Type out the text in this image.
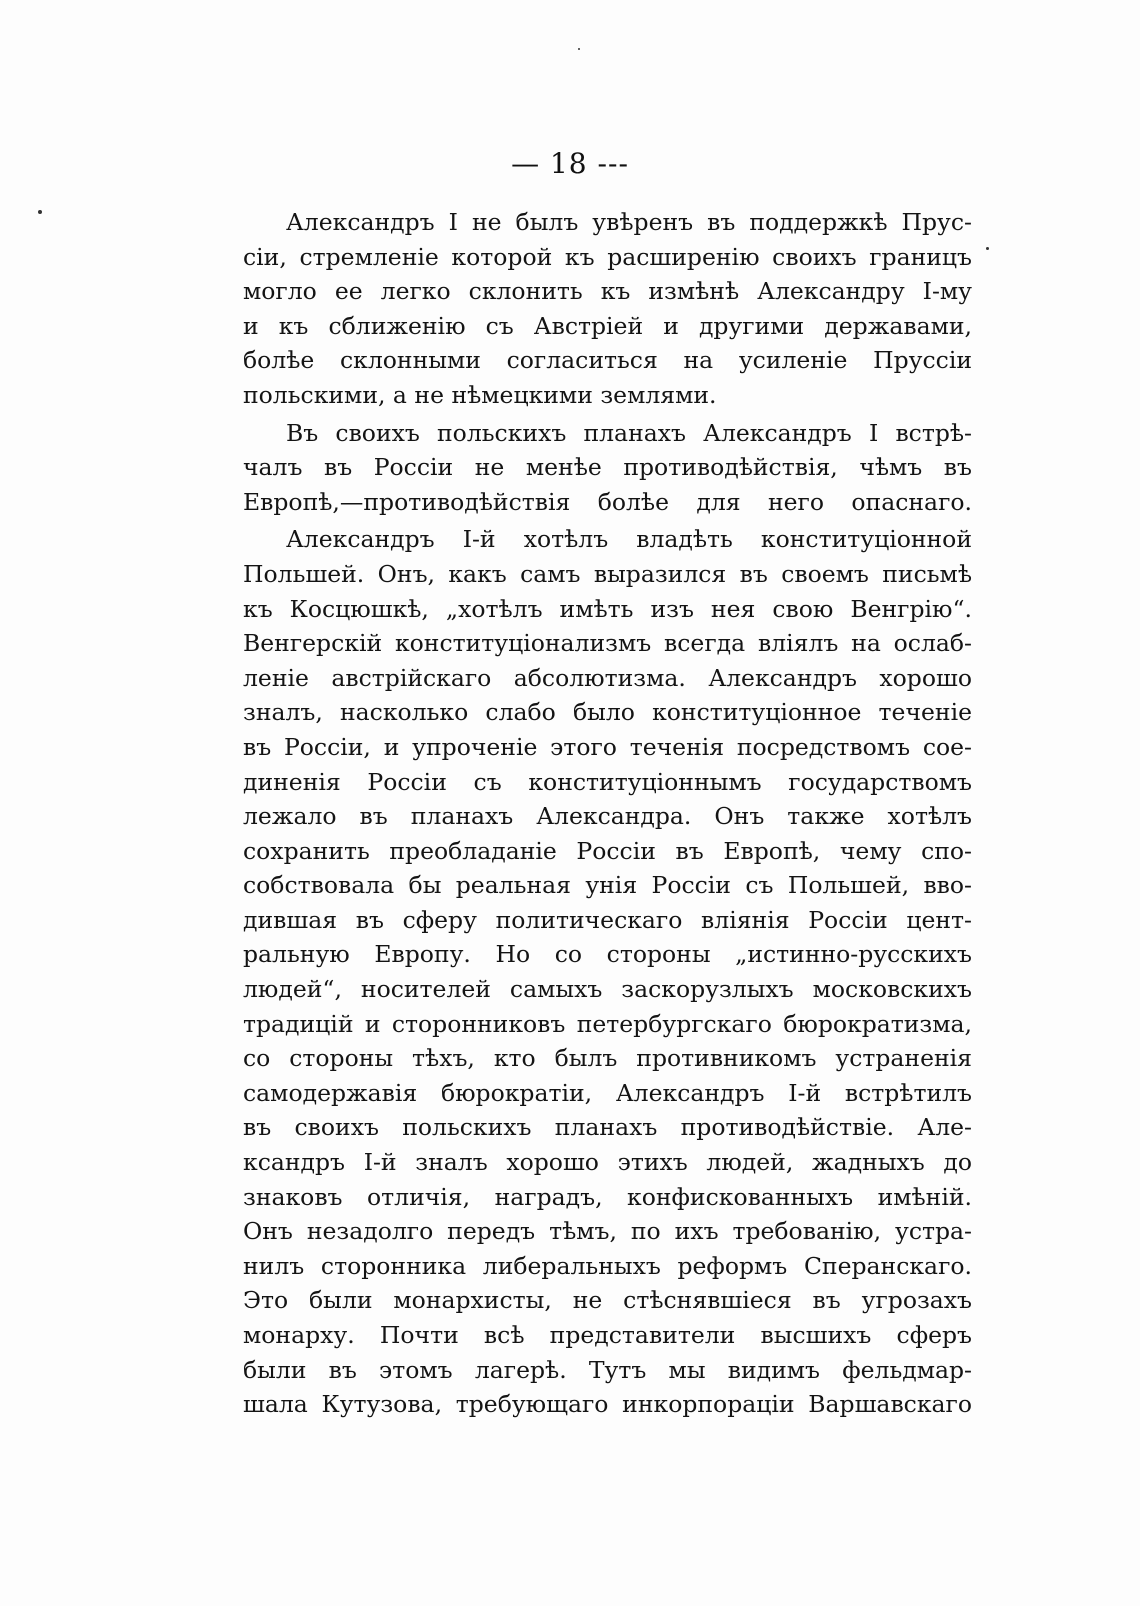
— 18 ---
Александръ I не былъ увѣренъ въ поддержкѣ Прус-
сіи, стремленіе которой къ расширенію своихъ границъ
могло ее легко склонить къ измѣнѣ Александру I-му
и къ сближенію съ Австріей и другими державами,
болѣе склонными согласиться на усиленіе Пруссіи
польскими, а не нѣмецкими землями.
Въ своихъ польскихъ планахъ Александръ I встрѣ-
чалъ въ Россіи не менѣе противодѣйствія, чѣмъ въ
Европѣ,—противодѣйствія болѣе для него опаснаго.
Александръ I-й хотѣлъ владѣть конституціонной
Польшей. Онъ, какъ самъ выразился въ своемъ письмѣ
къ Косцюшкѣ, „хотѣлъ имѣть изъ нея свою Венгрію“.
Венгерскій конституціонализмъ всегда вліялъ на ослаб-
леніе австрійскаго абсолютизма. Александръ хорошо
зналъ, насколько слабо было конституціонное теченіе
въ Россіи, и упроченіе этого теченія посредствомъ сое-
диненія Россіи съ конституціоннымъ государствомъ
лежало въ планахъ Александра. Онъ также хотѣлъ
сохранить преобладаніе Россіи въ Европѣ, чему спо-
собствовала бы реальная унія Россіи съ Польшей, вво-
дившая въ сферу политическаго вліянія Россіи цент-
ральную Европу. Но со стороны „истинно-русскихъ
людей“, носителей самыхъ заскорузлыхъ московскихъ
традицій и сторонниковъ петербургскаго бюрократизма,
со стороны тѣхъ, кто былъ противникомъ устраненія
самодержавія бюрократіи, Александръ I-й встрѣтилъ
въ своихъ польскихъ планахъ противодѣйствіе. Але-
ксандръ I-й зналъ хорошо этихъ людей, жадныхъ до
знаковъ отличія, наградъ, конфискованныхъ имѣній.
Онъ незадолго передъ тѣмъ, по ихъ требованію, устра-
нилъ сторонника либеральныхъ реформъ Сперанскаго.
Это были монархисты, не стѣснявшіеся въ угрозахъ
монарху. Почти всѣ представители высшихъ сферъ
были въ этомъ лагерѣ. Тутъ мы видимъ фельдмар-
шала Кутузова, требующаго инкорпораціи Варшавскаго
